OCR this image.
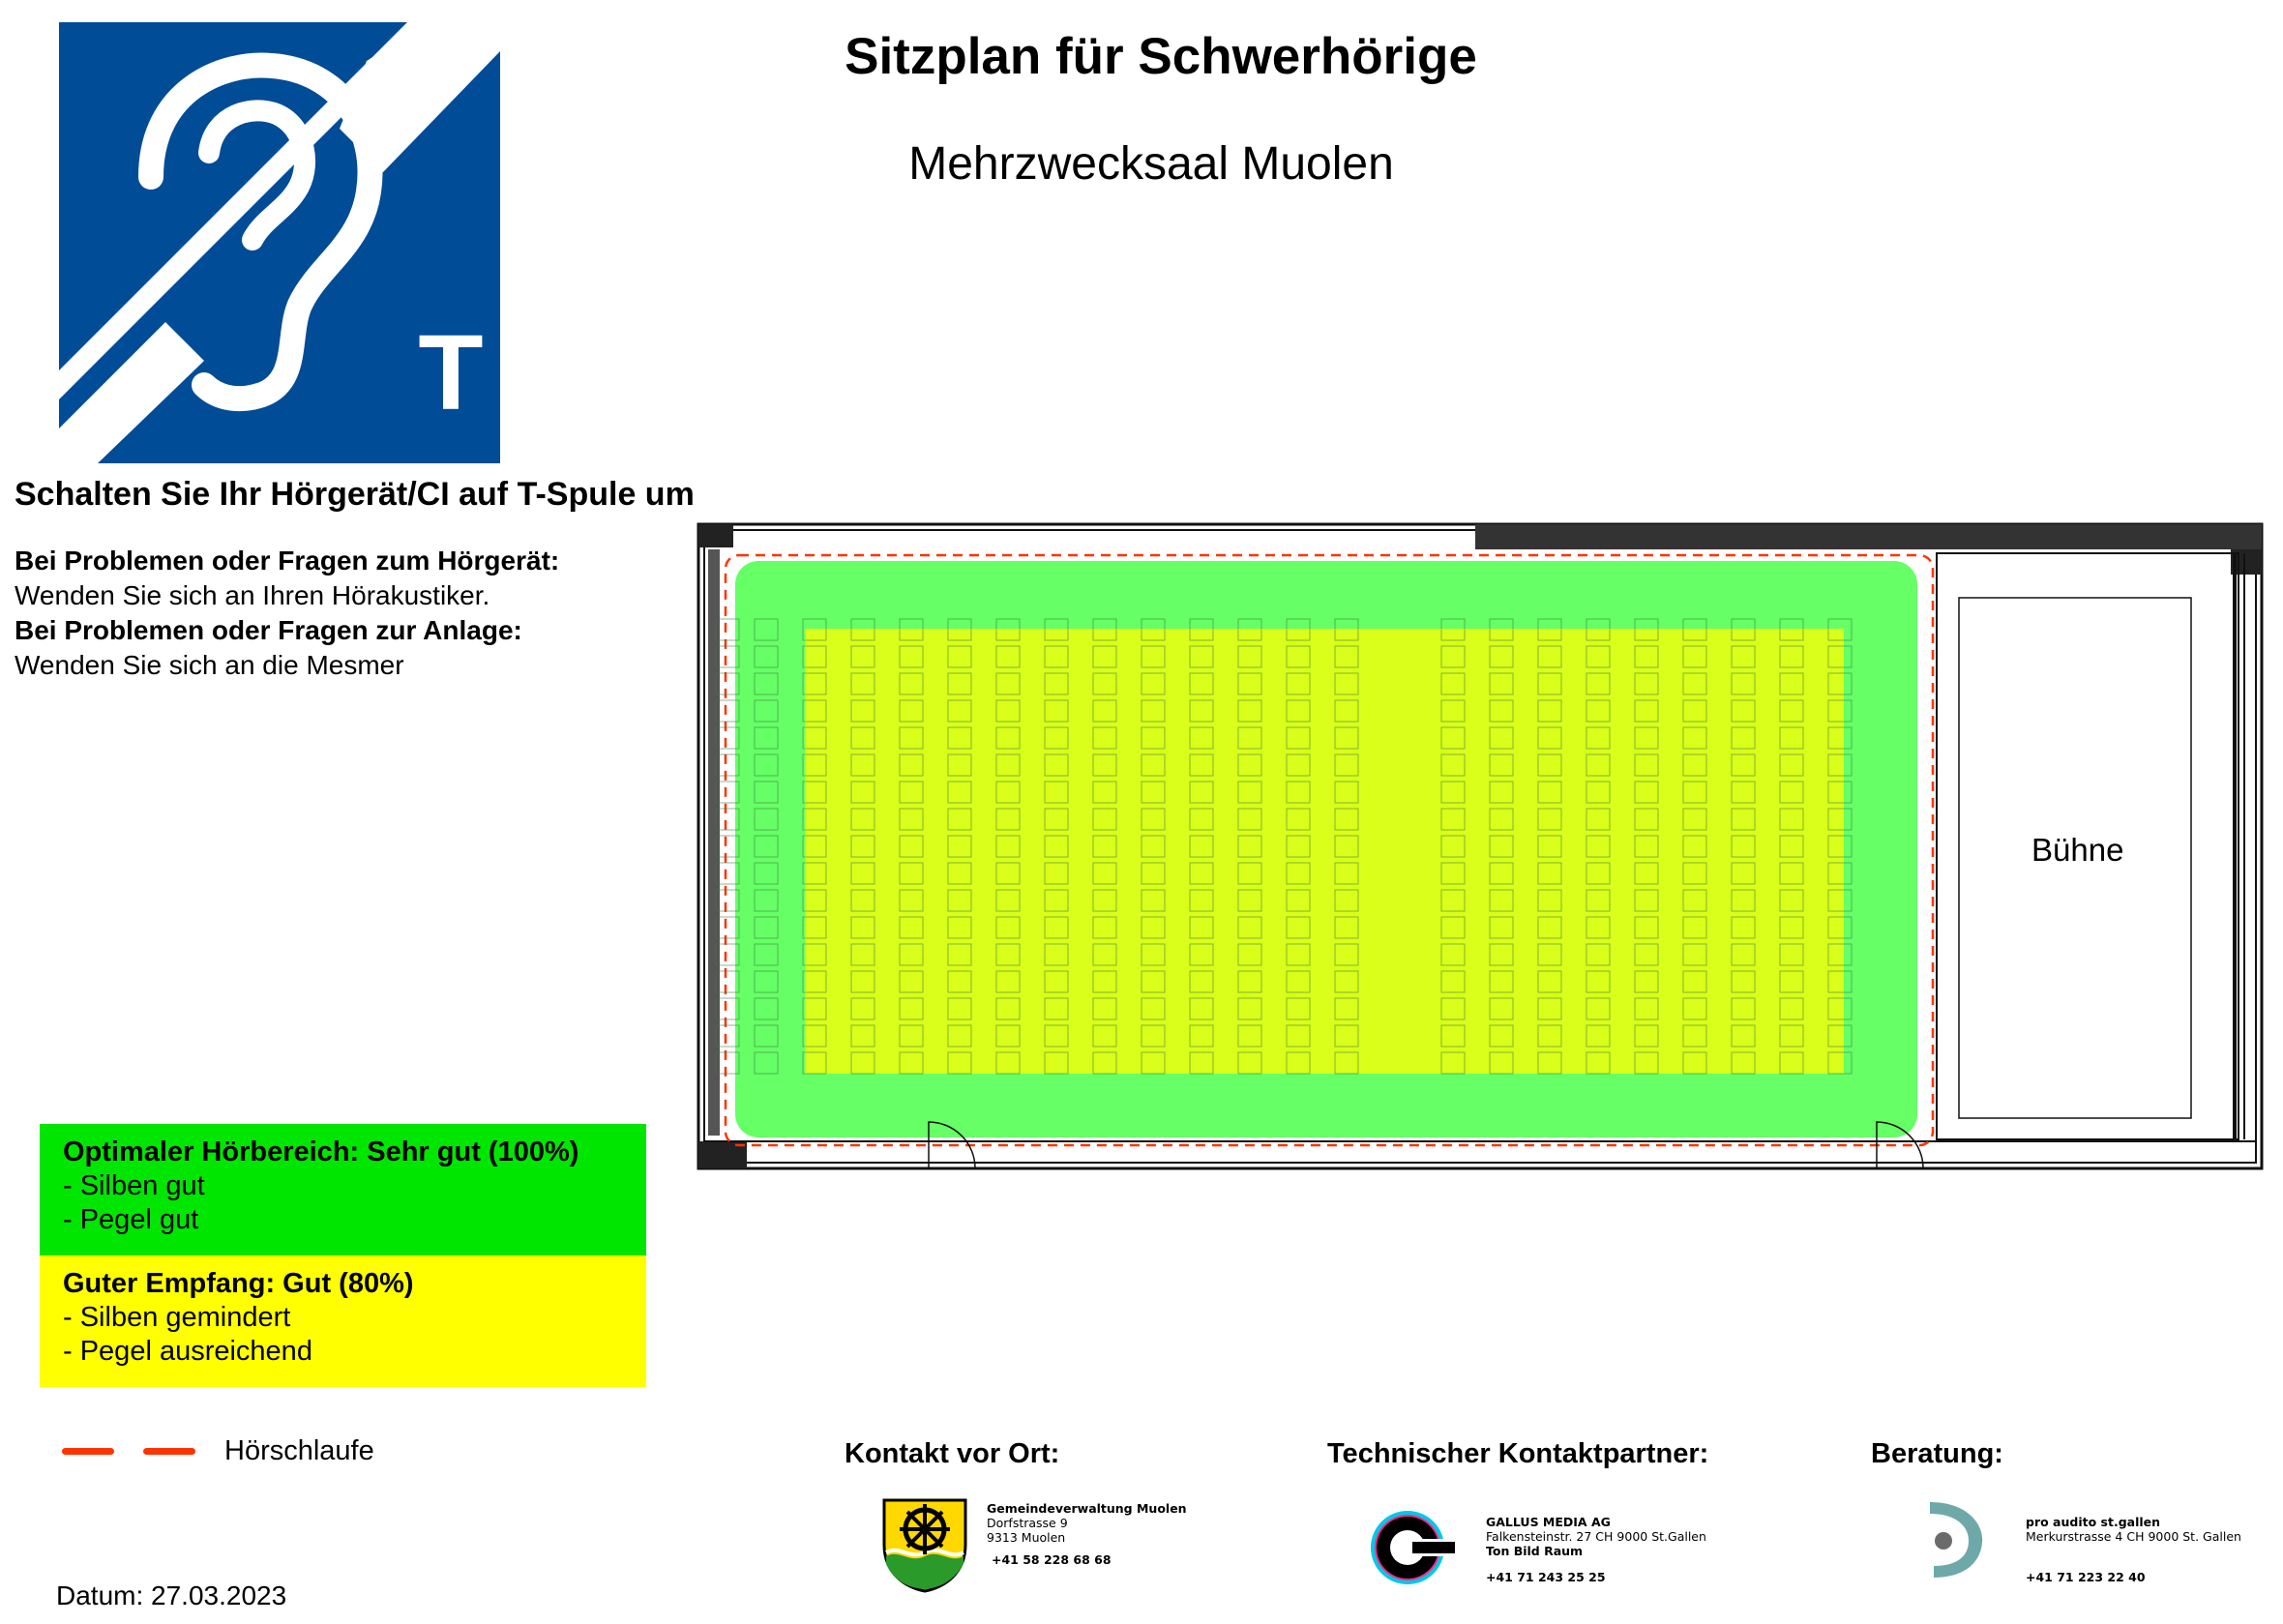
T
Sitzplan für Schwerhörige
Mehrzwecksaal Muolen
Schalten Sie Ihr Hörgerät/CI auf T-Spule um
Bei Problemen oder Fragen zum Hörgerät:
Wenden Sie sich an Ihren Hörakustiker.
Bei Problemen oder Fragen zur Anlage:
Wenden Sie sich an die Mesmer
Bühne
Optimaler Hörbereich: Sehr gut (100%)
- Silben gut
- Pegel gut
Guter Empfang: Gut (80%)
- Silben gemindert
- Pegel ausreichend
Hörschlaufe	Kontakt vor Ort:	Technischer Kontaktpartner:	Beratung:
Gemeindeverwaltung Muolen
Dorfstrasse 9
9313 Muolen
+41 58 228 68 68
GALLUS MEDIA AG
Falkensteinstr. 27 CH 9000 St.Gallen
Ton Bild Raum
+41 71 243 25 25
pro audito st.gallen
Merkurstrasse 4 CH 9000 St. Gallen
+41 71 223 22 40
Datum: 27.03.2023
